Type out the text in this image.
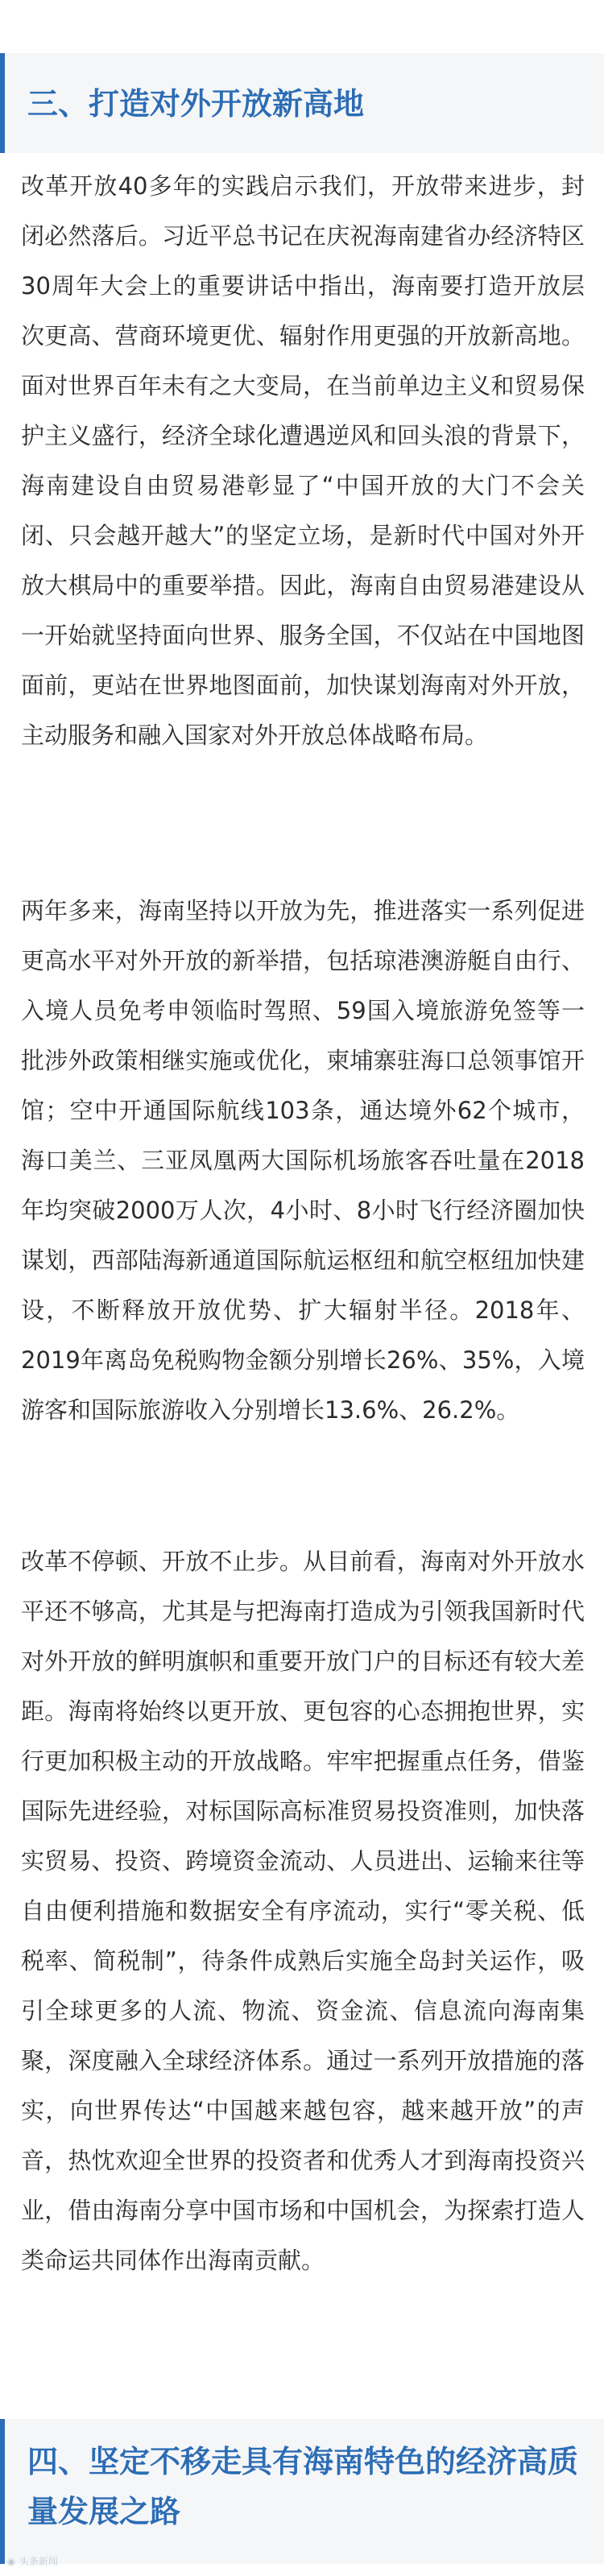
三、打造对外开放新高地

改革开放40多年的实践启示我们，开放带来进步，封闭必然落后。习近平总书记在庆祝海南建省办经济特区30周年大会上的重要讲话中指出，海南要打造开放层次更高、营商环境更优、辐射作用更强的开放新高地。面对世界百年未有之大变局，在当前单边主义和贸易保护主义盛行，经济全球化遭遇逆风和回头浪的背景下，海南建设自由贸易港彰显了“中国开放的大门不会关闭、只会越开越大”的坚定立场，是新时代中国对外开放大棋局中的重要举措。因此，海南自由贸易港建设从一开始就坚持面向世界、服务全国，不仅站在中国地图面前，更站在世界地图面前，加快谋划海南对外开放，主动服务和融入国家对外开放总体战略布局。

两年多来，海南坚持以开放为先，推进落实一系列促进更高水平对外开放的新举措，包括琼港澳游艇自由行、入境人员免考申领临时驾照、59国入境旅游免签等一批涉外政策相继实施或优化，柬埔寨驻海口总领事馆开馆；空中开通国际航线103条，通达境外62个城市，海口美兰、三亚凤凰两大国际机场旅客吞吐量在2018年均突破2000万人次，4小时、8小时飞行经济圈加快谋划，西部陆海新通道国际航运枢纽和航空枢纽加快建设，不断释放开放优势、扩大辐射半径。2018年、2019年离岛免税购物金额分别增长26%、35%，入境游客和国际旅游收入分别增长13.6%、26.2%。

改革不停顿、开放不止步。从目前看，海南对外开放水平还不够高，尤其是与把海南打造成为引领我国新时代对外开放的鲜明旗帜和重要开放门户的目标还有较大差距。海南将始终以更开放、更包容的心态拥抱世界，实行更加积极主动的开放战略。牢牢把握重点任务，借鉴国际先进经验，对标国际高标准贸易投资准则，加快落实贸易、投资、跨境资金流动、人员进出、运输来往等自由便利措施和数据安全有序流动，实行“零关税、低税率、简税制”，待条件成熟后实施全岛封关运作，吸引全球更多的人流、物流、资金流、信息流向海南集聚，深度融入全球经济体系。通过一系列开放措施的落实，向世界传达“中国越来越包容，越来越开放”的声音，热忱欢迎全世界的投资者和优秀人才到海南投资兴业，借由海南分享中国市场和中国机会，为探索打造人类命运共同体作出海南贡献。

四、坚定不移走具有海南特色的经济高质量发展之路
◉ 头条新闻
